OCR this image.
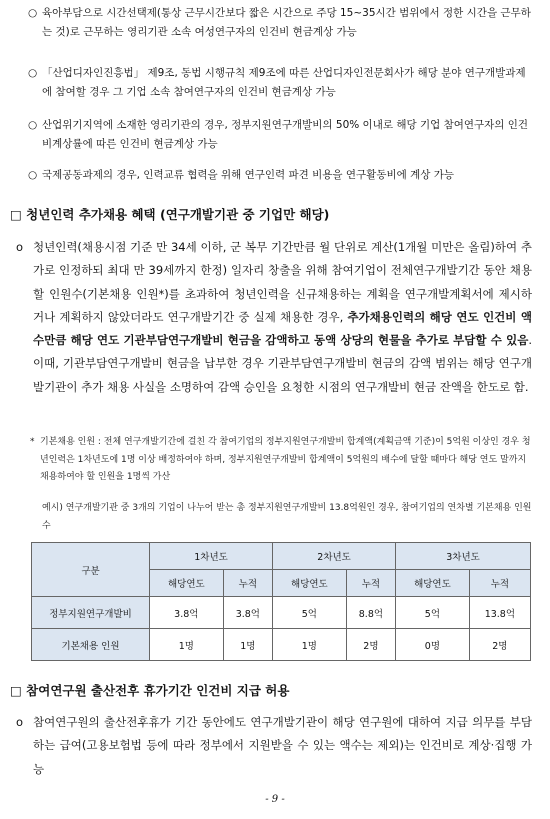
○ 육아부담으로 시간선택제(통상 근무시간보다 짧은 시간으로 주당 15~35시간 범위에서 정한 시간을 근무하는 것)로 근무하는 영리기관 소속 여성연구자의 인건비 현금계상 가능
○ 「산업디자인진흥법」 제9조, 동법 시행규칙 제9조에 따른 산업디자인전문회사가 해당 분야 연구개발과제에 참여할 경우 그 기업 소속 참여연구자의 인건비 현금계상 가능
○ 산업위기지역에 소재한 영리기관의 경우, 정부지원연구개발비의 50% 이내로 해당 기업 참여연구자의 인건비계상률에 따른 인건비 현금계상 가능
○ 국제공동과제의 경우, 인력교류 협력을 위해 연구인력 파견 비용을 연구활동비에 계상 가능
□ 청년인력 추가채용 혜택 (연구개발기관 중 기업만 해당)
o 청년인력(채용시점 기준 만 34세 이하, 군 복무 기간만큼 월 단위로 계산(1개월 미만은 올림)하여 추가로 인정하되 최대 만 39세까지 한정) 일자리 창출을 위해 참여기업이 전체연구개발기간 동안 채용할 인원수(기본채용 인원*)를 초과하여 청년인력을 신규채용하는 계획을 연구개발계획서에 제시하거나 계획하지 않았더라도 연구개발기간 중 실제 채용한 경우, 추가채용인력의 해당 연도 인건비 액수만큼 해당 연도 기관부담연구개발비 현금을 감액하고 동액 상당의 현물을 추가로 부담할 수 있음. 이때, 기관부담연구개발비 현금을 납부한 경우 기관부담연구개발비 현금의 감액 범위는 해당 연구개발기관이 추가 채용 사실을 소명하여 감액 승인을 요청한 시점의 연구개발비 현금 잔액을 한도로 함.
* 기본채용 인원 : 전체 연구개발기간에 걸친 각 참여기업의 정부지원연구개발비 합계액(계획금액 기준)이 5억원 이상인 경우 청년인력은 1차년도에 1명 이상 배정하여야 하며, 정부지원연구개발비 합계액이 5억원의 배수에 달할 때마다 해당 연도 말까지 채용하여야 할 인원을 1명씩 가산
예시) 연구개발기관 중 3개의 기업이 나누어 받는 총 정부지원연구개발비 13.8억원인 경우, 참여기업의 연차별 기본채용 인원수
구분	1차년도		2차년도		3차년도	
	해당연도	누적	해당연도	누적	해당연도	누적
정부지원연구개발비	3.8억	3.8억	5억	8.8억	5억	13.8억
기본채용 인원	1명	1명	1명	2명	0명	2명
□ 참여연구원 출산전후 휴가기간 인건비 지급 허용
o 참여연구원의 출산전후휴가 기간 동안에도 연구개발기관이 해당 연구원에 대하여 지급 의무를 부담하는 급여(고용보험법 등에 따라 정부에서 지원받을 수 있는 액수는 제외)는 인건비로 계상·집행 가능
- 9 -
